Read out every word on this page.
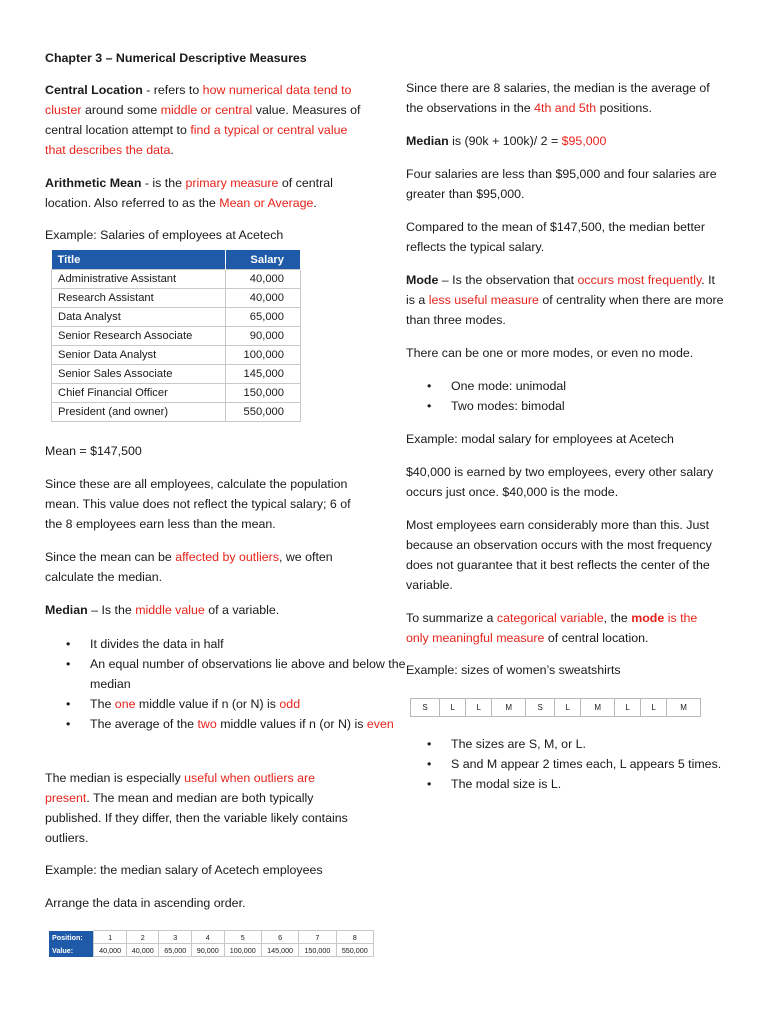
Chapter 3 – Numerical Descriptive Measures

Central Location - refers to how numerical data tend to cluster around some middle or central value. Measures of central location attempt to find a typical or central value that describes the data.

Arithmetic Mean - is the primary measure of central location. Also referred to as the Mean or Average.

Example: Salaries of employees at Acetech

Title	Salary
Administrative Assistant	40,000
Research Assistant	40,000
Data Analyst	65,000
Senior Research Associate	90,000
Senior Data Analyst	100,000
Senior Sales Associate	145,000
Chief Financial Officer	150,000
President (and owner)	550,000

Mean = $147,500

Since these are all employees, calculate the population mean. This value does not reflect the typical salary; 6 of the 8 employees earn less than the mean.

Since the mean can be affected by outliers, we often calculate the median.

Median – Is the middle value of a variable.

• It divides the data in half
• An equal number of observations lie above and below the median
• The one middle value if n (or N) is odd
• The average of the two middle values if n (or N) is even

The median is especially useful when outliers are present. The mean and median are both typically published. If they differ, then the variable likely contains outliers.

Example: the median salary of Acetech employees

Arrange the data in ascending order.

Position:	1	2	3	4	5	6	7	8
Value:	40,000	40,000	65,000	90,000	100,000	145,000	150,000	550,000

Since there are 8 salaries, the median is the average of the observations in the 4th and 5th positions.

Median is (90k + 100k)/ 2 = $95,000

Four salaries are less than $95,000 and four salaries are greater than $95,000.

Compared to the mean of $147,500, the median better reflects the typical salary.

Mode – Is the observation that occurs most frequently. It is a less useful measure of centrality when there are more than three modes.

There can be one or more modes, or even no mode.

• One mode: unimodal
• Two modes: bimodal

Example: modal salary for employees at Acetech

$40,000 is earned by two employees, every other salary occurs just once. $40,000 is the mode.

Most employees earn considerably more than this. Just because an observation occurs with the most frequency does not guarantee that it best reflects the center of the variable.

To summarize a categorical variable, the mode is the only meaningful measure of central location.

Example: sizes of women’s sweatshirts

• The sizes are S, M, or L.
• S and M appear 2 times each, L appears 5 times.
• The modal size is L.
S	L	L	M	S	L	M	L	L	M
